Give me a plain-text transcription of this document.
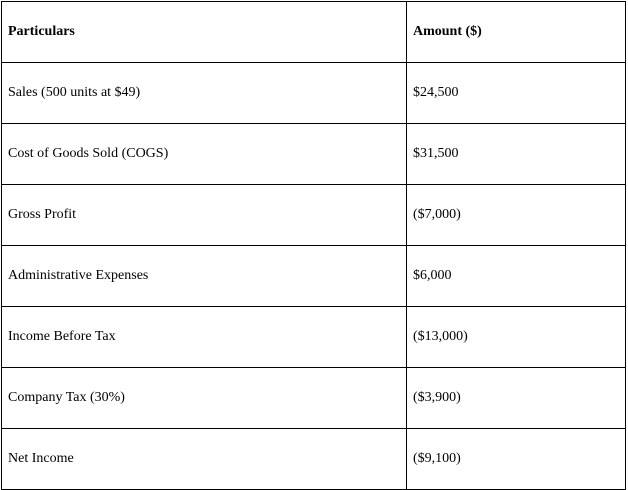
Particulars	Amount ($)
Sales (500 units at $49)	$24,500
Cost of Goods Sold (COGS)	$31,500
Gross Profit	($7,000)
Administrative Expenses	$6,000
Income Before Tax	($13,000)
Company Tax (30%)	($3,900)
Net Income	($9,100)
